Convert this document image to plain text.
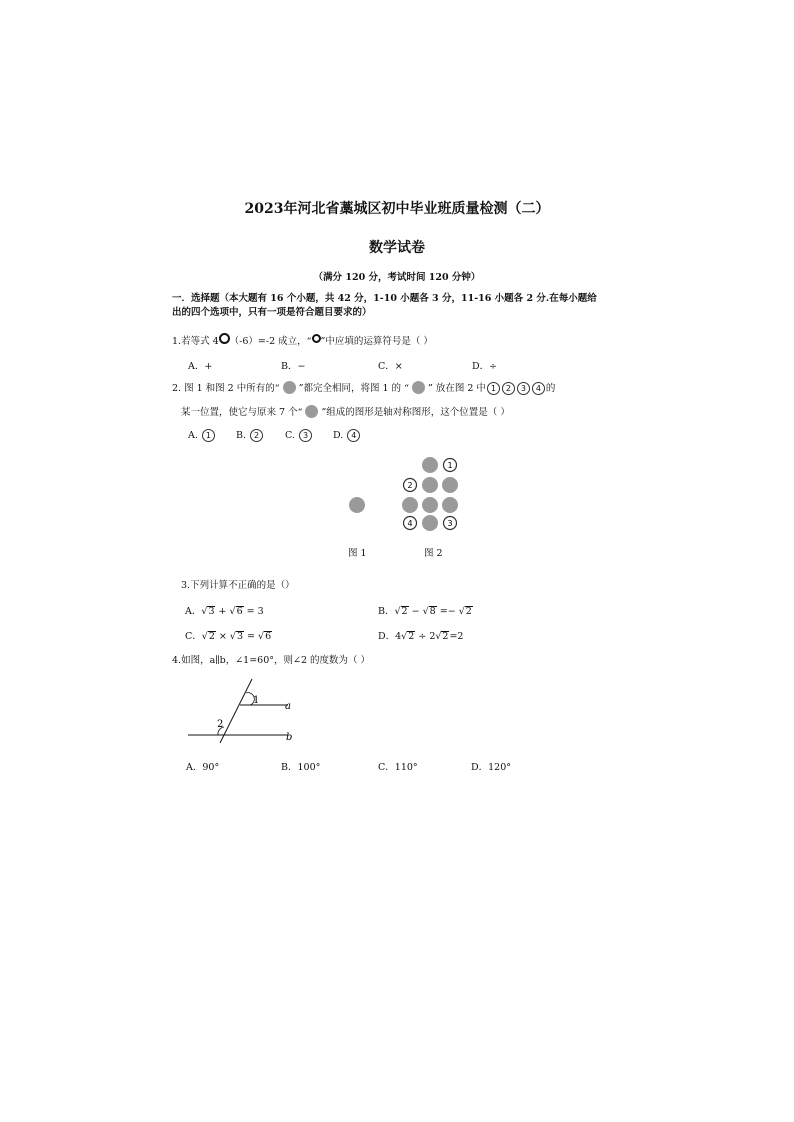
2023年河北省藁城区初中毕业班质量检测（二）
数学试卷
（满分 120 分，考试时间 120 分钟）
一．选择题（本大题有 16 个小题，共 42 分，1-10 小题各 3 分，11-16 小题各 2 分.在每小题给出的四个选项中，只有一项是符合题目要求的）
1.若等式 4 （-6）=-2 成立，“ ”中应填的运算符号是（ ）
A．+	B．−	C．×	D．÷
2. 图 1 和图 2 中所有的“ ”都完全相同，将图 1 的 “ ” 放在图 2 中 1 2 3 4 的
某一位置，使它与原来 7 个“ ”组成的图形是轴对称图形，这个位置是（ ）
A. 1	B. 2	C. 3	D. 4
1
2
3
4
图 1	图 2
3.下列计算不正确的是（）
A．√3 + √6 = 3	B．√2 − √8 =− √2
C．√2 × √3 = √6	D．4√2 ÷ 2√2=2
4.如图，a∥b，∠1=60°，则∠2 的度数为（ ）
1
2
a
b
A．90°	B．100°	C．110°	D．120°
